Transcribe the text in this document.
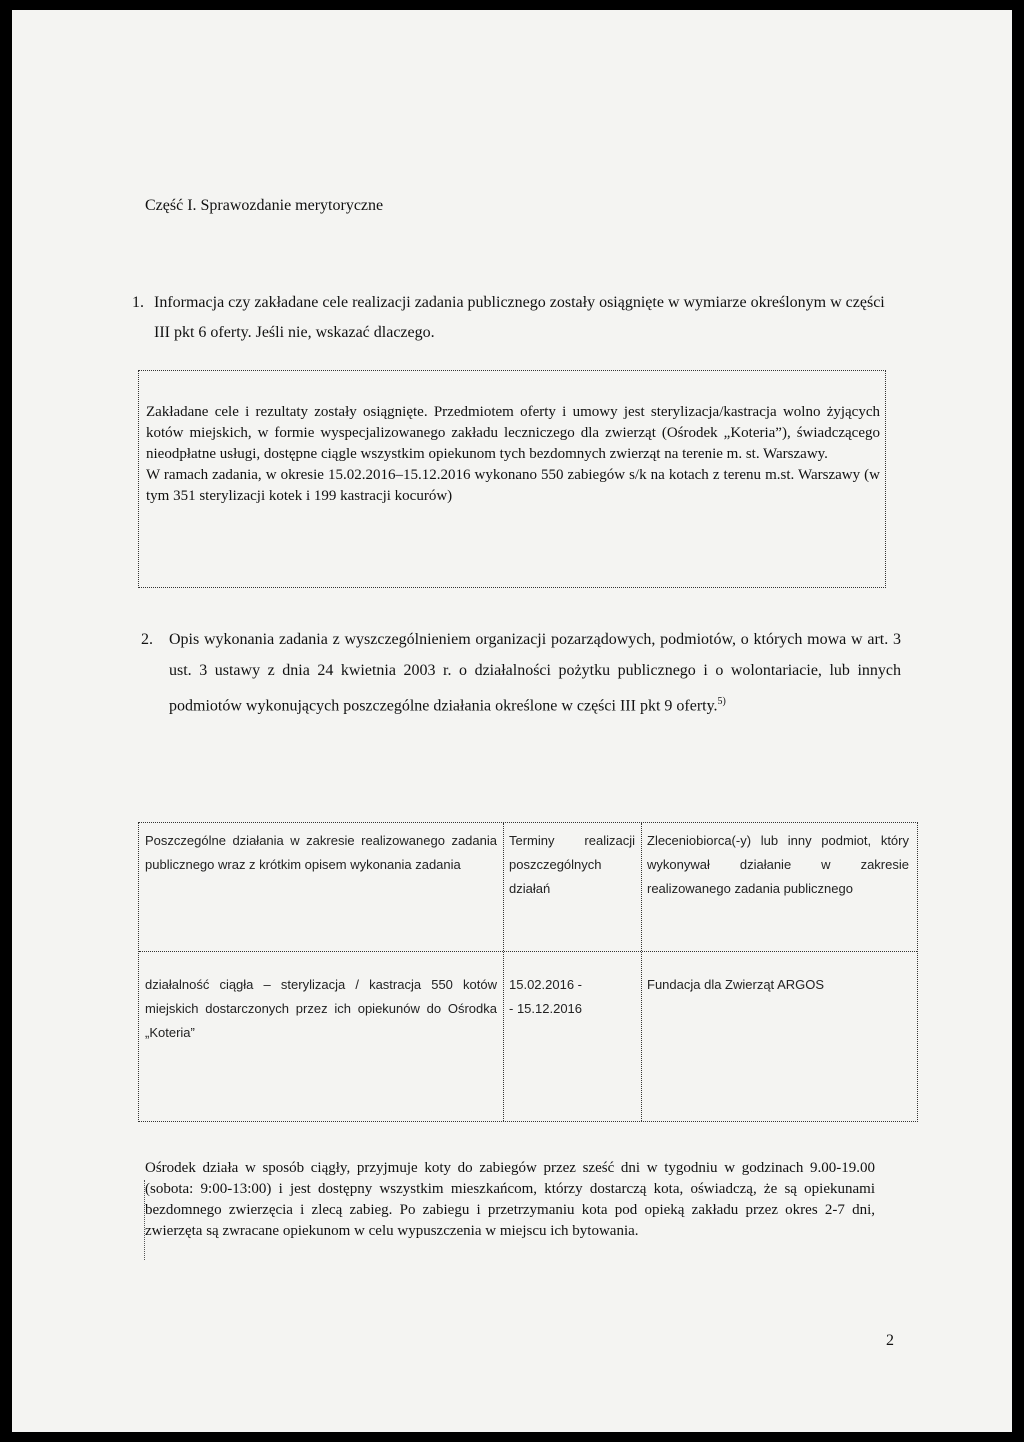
Część I. Sprawozdanie merytoryczne
1. Informacja czy zakładane cele realizacji zadania publicznego zostały osiągnięte w wymiarze określonym w części III pkt 6 oferty. Jeśli nie, wskazać dlaczego.

Zakładane cele i rezultaty zostały osiągnięte. Przedmiotem oferty i umowy jest sterylizacja/kastracja wolno żyjących kotów miejskich, w formie wyspecjalizowanego zakładu leczniczego dla zwierząt (Ośrodek „Koteria”), świadczącego nieodpłatne usługi, dostępne ciągle wszystkim opiekunom tych bezdomnych zwierząt na terenie m. st. Warszawy.

W ramach zadania, w okresie 15.02.2016–15.12.2016 wykonano 550 zabiegów s/k na kotach z terenu m.st. Warszawy (w tym 351 sterylizacji kotek i 199 kastracji kocurów)

2. Opis wykonania zadania z wyszczególnieniem organizacji pozarządowych, podmiotów, o których mowa w art. 3 ust. 3 ustawy z dnia 24 kwietnia 2003 r. o działalności pożytku publicznego i o wolontariacie, lub innych podmiotów wykonujących poszczególne działania określone w części III pkt 9 oferty.$^{5)}$
Poszczególne działania w zakresie realizowanego zadania publicznego wraz z krótkim opisem wykonania zadania
Terminy realizacji poszczególnych działań
Zleceniobiorca(-y) lub inny podmiot, który wykonywał działanie w zakresie realizowanego zadania publicznego
działalność ciągła – sterylizacja / kastracja 550 kotów miejskich dostarczonych przez ich opiekunów do Ośrodka „Koteria”
15.02.2016 -
- 15.12.2016
Fundacja dla Zwierząt ARGOS
Ośrodek działa w sposób ciągły, przyjmuje koty do zabiegów przez sześć dni w tygodniu w godzinach 9.00-19.00 (sobota: 9:00-13:00) i jest dostępny wszystkim mieszkańcom, którzy dostarczą kota, oświadczą, że są opiekunami bezdomnego zwierzęcia i zlecą zabieg. Po zabiegu i przetrzymaniu kota pod opieką zakładu przez okres 2-7 dni, zwierzęta są zwracane opiekunom w celu wypuszczenia w miejscu ich bytowania.
2
